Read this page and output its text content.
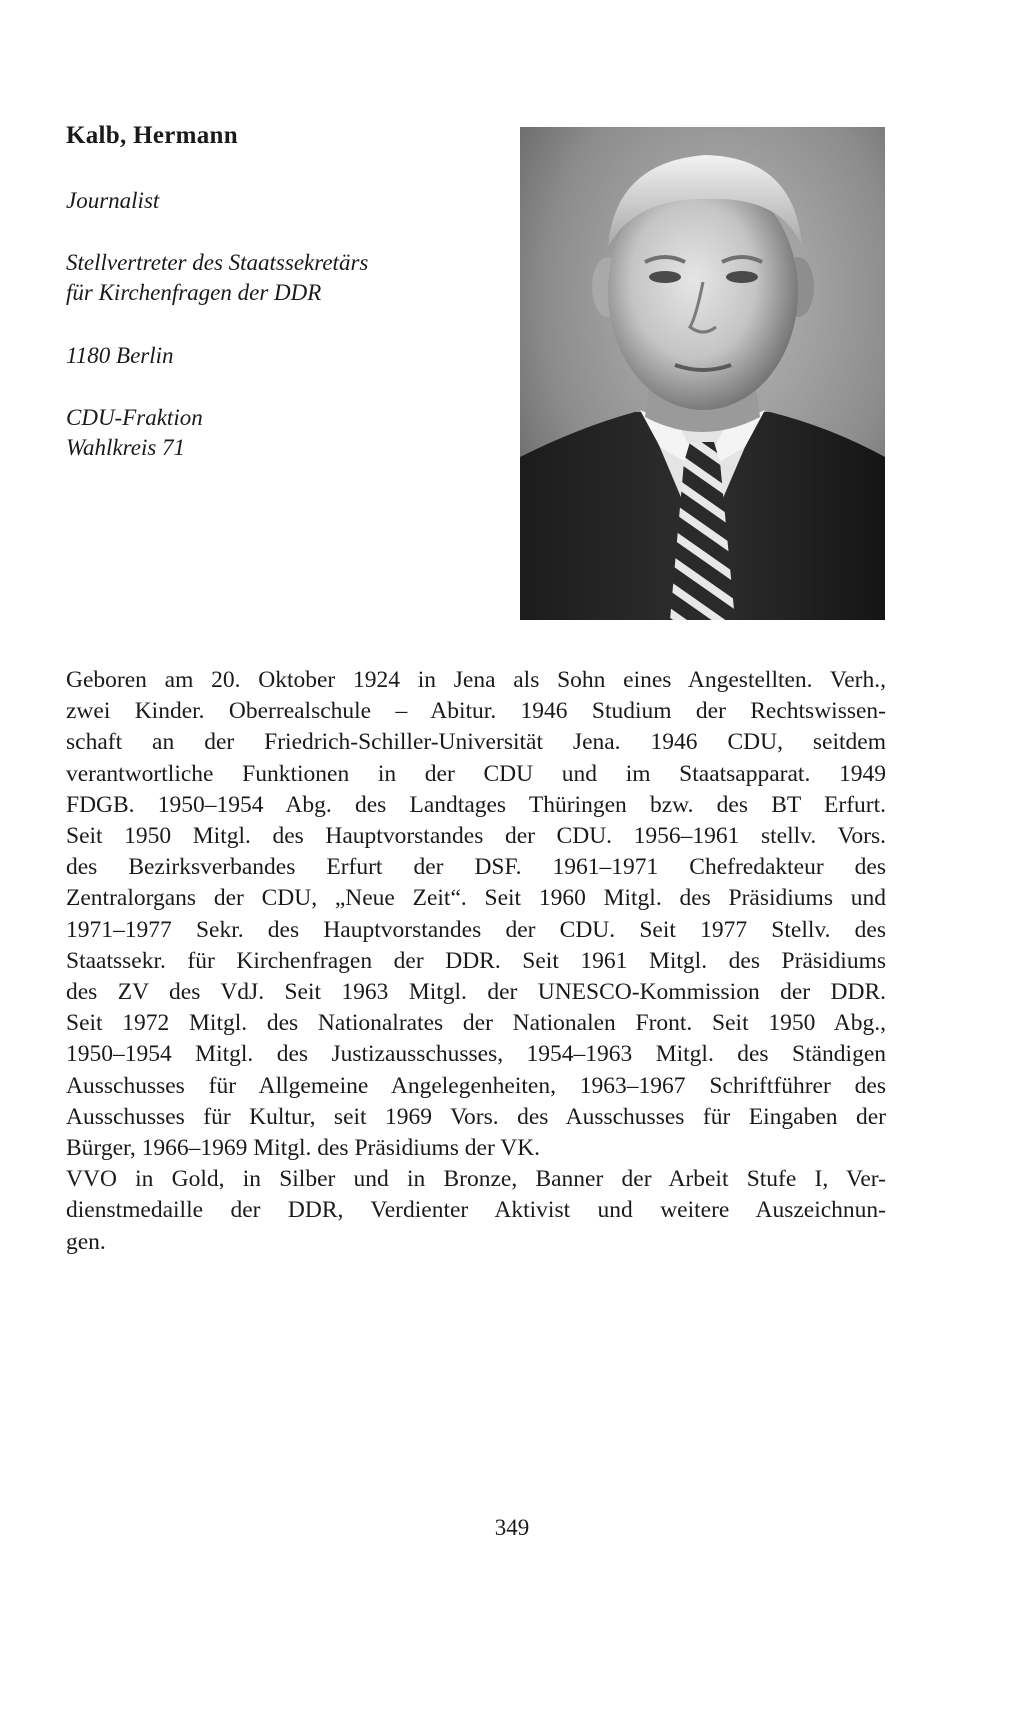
Kalb, Hermann
Journalist
Stellvertreter des Staatssekretärs
für Kirchenfragen der DDR
1180 Berlin
CDU-Fraktion
Wahlkreis 71
Geboren am 20. Oktober 1924 in Jena als Sohn eines Angestellten. Verh.,
zwei Kinder. Oberrealschule – Abitur. 1946 Studium der Rechtswissen-
schaft an der Friedrich-Schiller-Universität Jena. 1946 CDU, seitdem
verantwortliche Funktionen in der CDU und im Staatsapparat. 1949
FDGB. 1950–1954 Abg. des Landtages Thüringen bzw. des BT Erfurt.
Seit 1950 Mitgl. des Hauptvorstandes der CDU. 1956–1961 stellv. Vors.
des Bezirksverbandes Erfurt der DSF. 1961–1971 Chefredakteur des
Zentralorgans der CDU, „Neue Zeit“. Seit 1960 Mitgl. des Präsidiums und
1971–1977 Sekr. des Hauptvorstandes der CDU. Seit 1977 Stellv. des
Staatssekr. für Kirchenfragen der DDR. Seit 1961 Mitgl. des Präsidiums
des ZV des VdJ. Seit 1963 Mitgl. der UNESCO-Kommission der DDR.
Seit 1972 Mitgl. des Nationalrates der Nationalen Front. Seit 1950 Abg.,
1950–1954 Mitgl. des Justizausschusses, 1954–1963 Mitgl. des Ständigen
Ausschusses für Allgemeine Angelegenheiten, 1963–1967 Schriftführer des
Ausschusses für Kultur, seit 1969 Vors. des Ausschusses für Eingaben der
Bürger, 1966–1969 Mitgl. des Präsidiums der VK.
VVO in Gold, in Silber und in Bronze, Banner der Arbeit Stufe I, Ver-
dienstmedaille der DDR, Verdienter Aktivist und weitere Auszeichnun-
gen.
349
